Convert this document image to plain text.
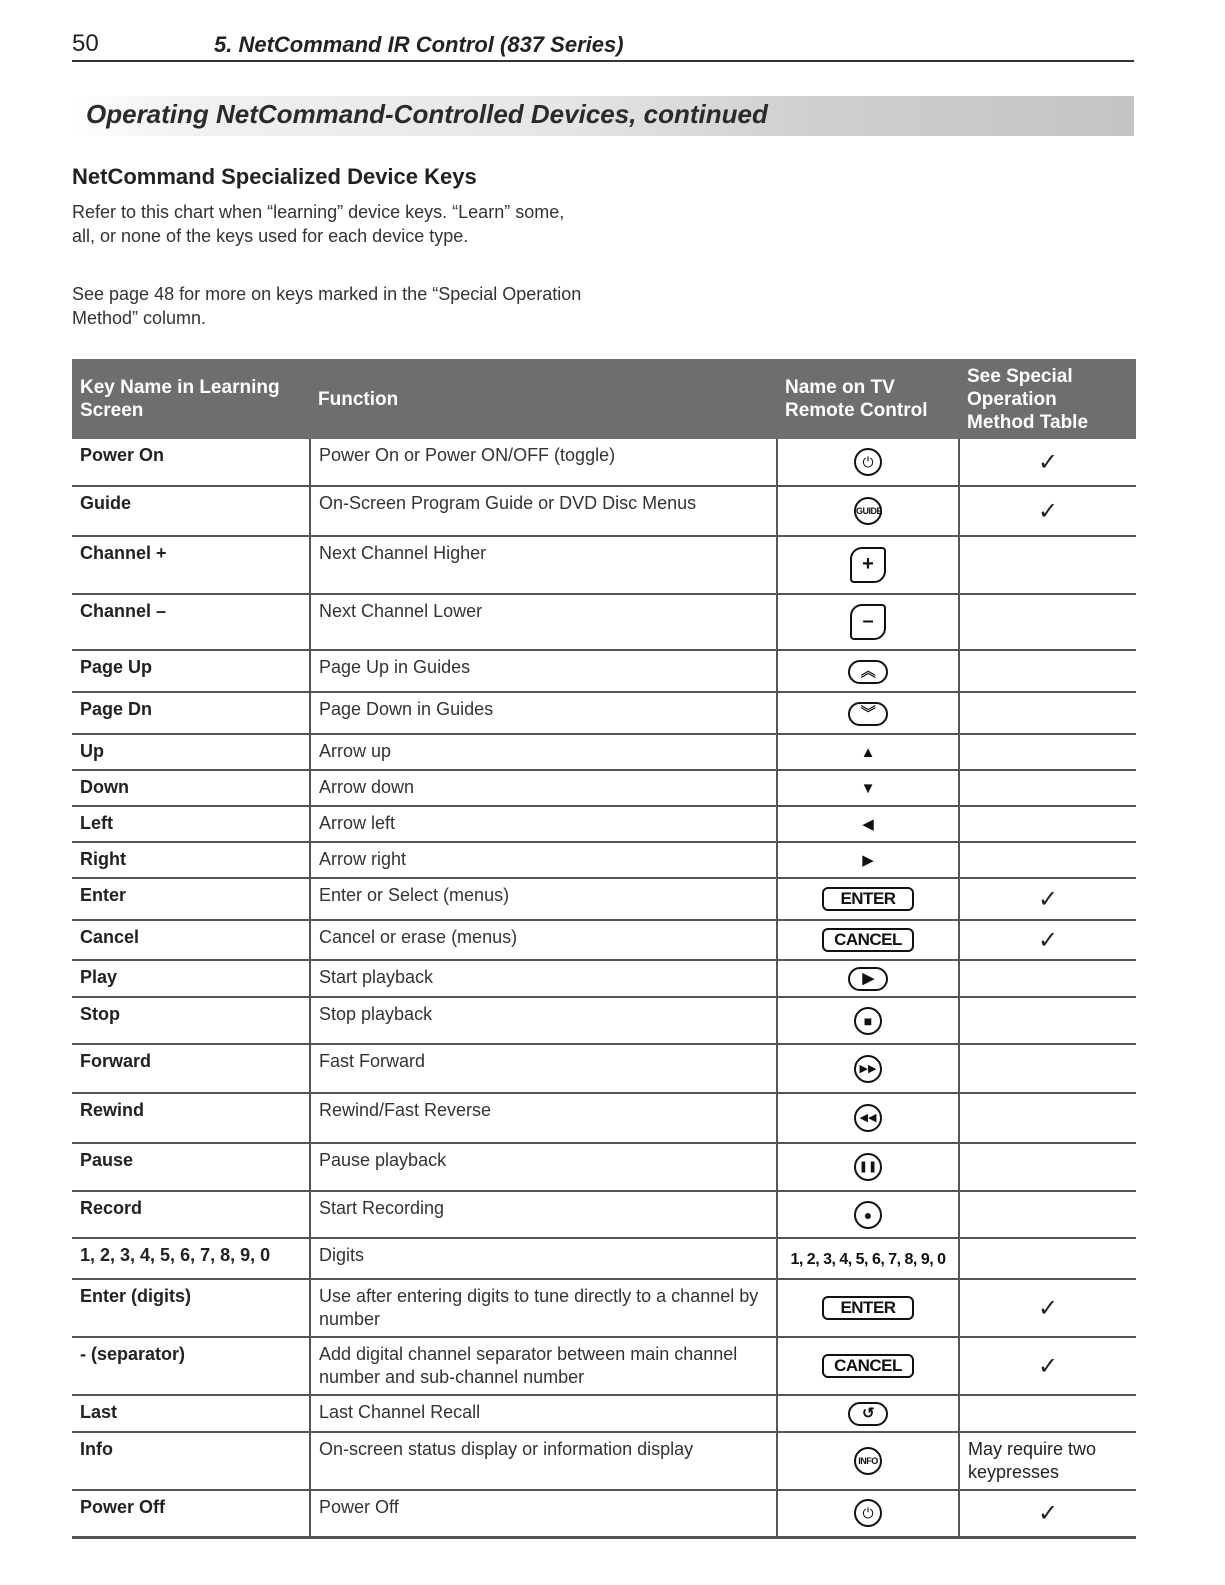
50	5. NetCommand IR Control (837 Series)
Operating NetCommand-Controlled Devices, continued
NetCommand Specialized Device Keys

Refer to this chart when “learning” device keys. “Learn” some, all, or none of the keys used for each device type.

See page 48 for more on keys marked in the “Special Operation Method” column.

Key Name in Learning Screen	Function	Name on TV Remote Control	See Special Operation Method Table
Power On	Power On or Power ON/OFF (toggle)	⏻	✓
Guide	On-Screen Program Guide or DVD Disc Menus	GUIDE	✓
Channel +	Next Channel Higher	+	
Channel –	Next Channel Lower	–	
Page Up	Page Up in Guides	︽	
Page Dn	Page Down in Guides	︾	
Up	Arrow up	▲	
Down	Arrow down	▼	
Left	Arrow left	◀	
Right	Arrow right	▶	
Enter	Enter or Select (menus)	ENTER	✓
Cancel	Cancel or erase (menus)	CANCEL	✓
Play	Start playback	▶	
Stop	Stop playback	■	
Forward	Fast Forward	▶▶	
Rewind	Rewind/Fast Reverse	◀◀	
Pause	Pause playback	❚❚	
Record	Start Recording	●	
1, 2, 3, 4, 5, 6, 7, 8, 9, 0	Digits	1, 2, 3, 4, 5, 6, 7, 8, 9, 0	
Enter (digits)	Use after entering digits to tune directly to a channel by number	ENTER	✓
- (separator)	Add digital channel separator between main channel number and sub-channel number	CANCEL	✓
Last	Last Channel Recall	↺	
Info	On-screen status display or information display	INFO	May require two keypresses
Power Off	Power Off	⏻	✓
